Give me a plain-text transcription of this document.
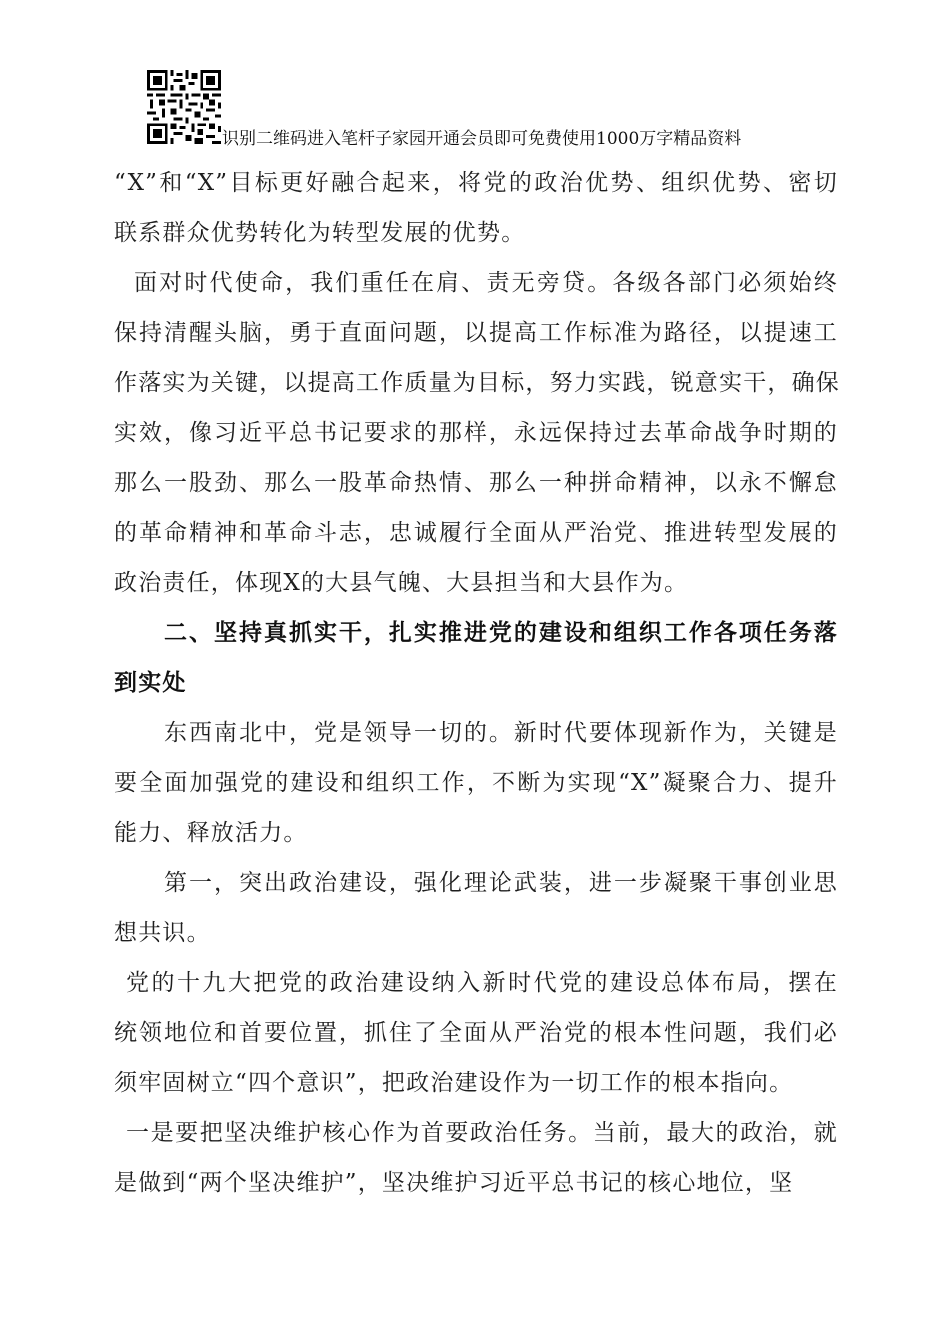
识别二维码进入笔杆子家园开通会员即可免费使用1000万字精品资料
“X”和“X”目标更好融合起来，将党的政治优势、组织优势、密切
联系群众优势转化为转型发展的优势。
面对时代使命，我们重任在肩、责无旁贷。各级各部门必须始终
保持清醒头脑，勇于直面问题，以提高工作标准为路径，以提速工
作落实为关键，以提高工作质量为目标，努力实践，锐意实干，确保
实效，像习近平总书记要求的那样，永远保持过去革命战争时期的
那么一股劲、那么一股革命热情、那么一种拼命精神，以永不懈怠
的革命精神和革命斗志，忠诚履行全面从严治党、推进转型发展的
政治责任，体现X的大县气魄、大县担当和大县作为。
二、坚持真抓实干，扎实推进党的建设和组织工作各项任务落
到实处
东西南北中，党是领导一切的。新时代要体现新作为，关键是
要全面加强党的建设和组织工作，不断为实现“X”凝聚合力、提升
能力、释放活力。
第一，突出政治建设，强化理论武装，进一步凝聚干事创业思
想共识。
党的十九大把党的政治建设纳入新时代党的建设总体布局，摆在
统领地位和首要位置，抓住了全面从严治党的根本性问题，我们必
须牢固树立“四个意识”，把政治建设作为一切工作的根本指向。
一是要把坚决维护核心作为首要政治任务。当前，最大的政治，就
是做到“两个坚决维护”，坚决维护习近平总书记的核心地位，坚
